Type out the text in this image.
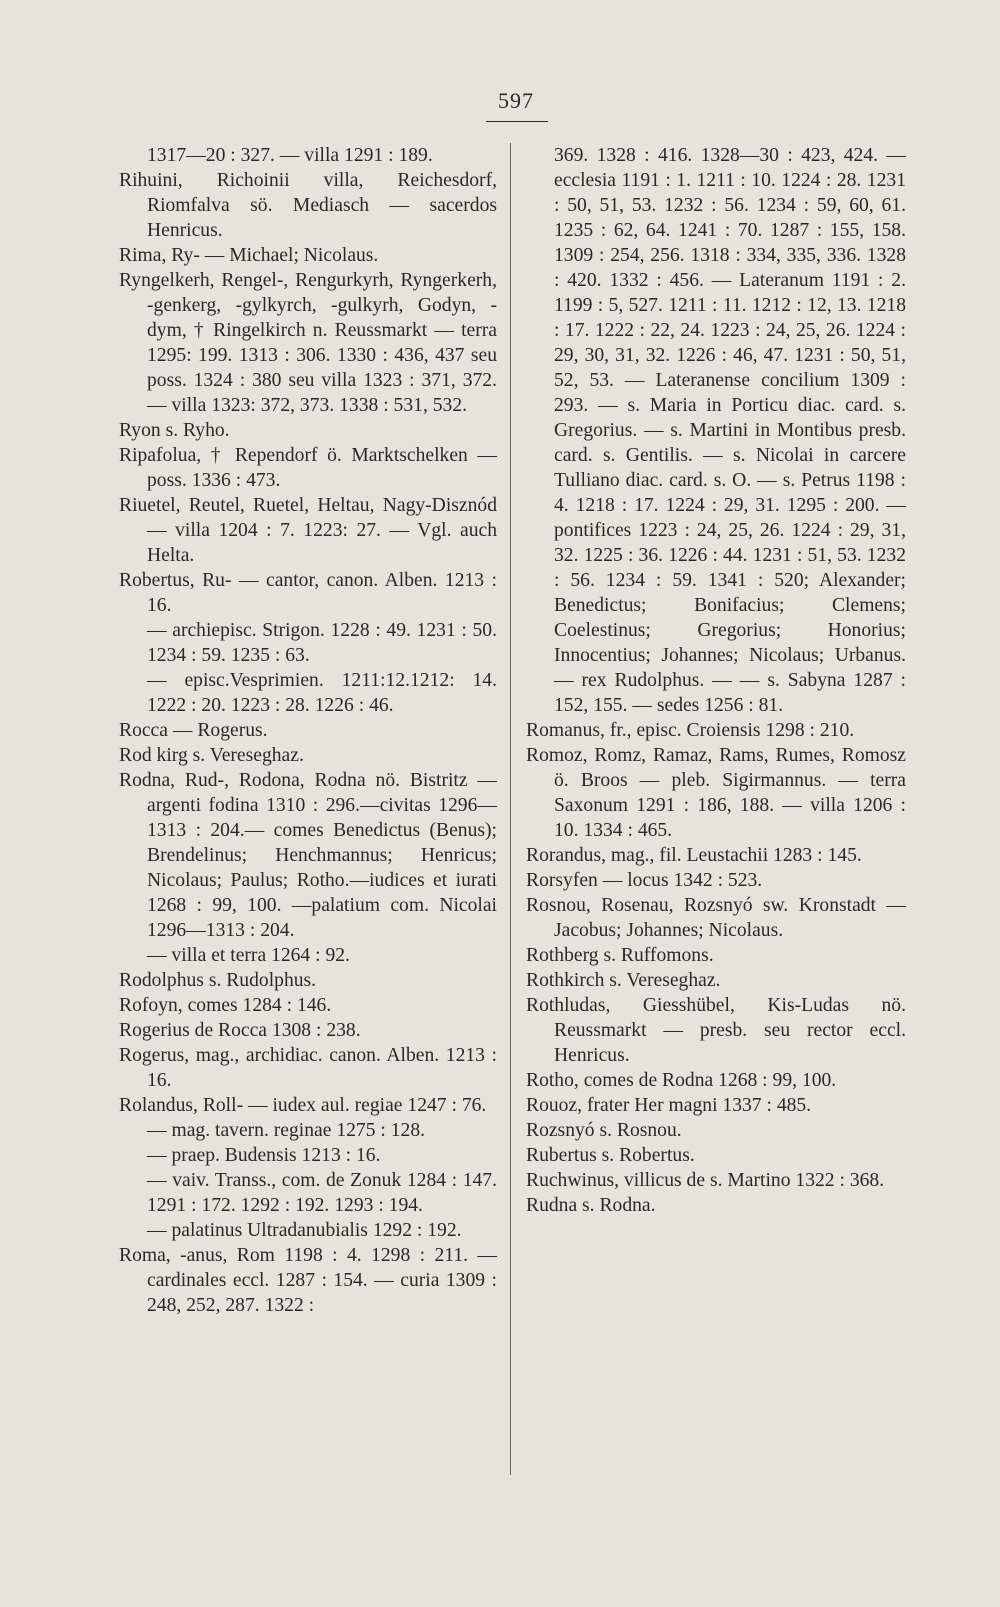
597
1317—20 : 327. — villa 1291 : 189.
Rihuini, Richoinii villa, Reichesdorf, Riomfalva sö. Mediasch — sacerdos Henricus.
Rima, Ry- — Michael; Nicolaus.
Ryngelkerh, Rengel-, Rengurkyrh, Ryngerkerh, -genkerg, -gylkyrch, -gulkyrh, Godyn, -dym, † Ringelkirch n. Reussmarkt — terra 1295: 199. 1313 : 306. 1330 : 436, 437 seu poss. 1324 : 380 seu villa 1323 : 371, 372. — villa 1323: 372, 373. 1338 : 531, 532.
Ryon s. Ryho.
Ripafolua, † Rependorf ö. Marktschelken — poss. 1336 : 473.
Riuetel, Reutel, Ruetel, Heltau, Nagy-Disznód — villa 1204 : 7. 1223: 27. — Vgl. auch Helta.
Robertus, Ru- — cantor, canon. Alben. 1213 : 16.
— archiepisc. Strigon. 1228 : 49. 1231 : 50. 1234 : 59. 1235 : 63.
— episc.Vesprimien. 1211:12.1212: 14. 1222 : 20. 1223 : 28. 1226 : 46.
Rocca — Rogerus.
Rod kirg s. Vereseghaz.
Rodna, Rud-, Rodona, Rodna nö. Bistritz — argenti fodina 1310 : 296.—civitas 1296—1313 : 204.— comes Benedictus (Benus); Brendelinus; Henchmannus; Henricus; Nicolaus; Paulus; Rotho.—iudices et iurati 1268 : 99, 100. —palatium com. Nicolai 1296—1313 : 204.
— villa et terra 1264 : 92.
Rodolphus s. Rudolphus.
Rofoyn, comes 1284 : 146.
Rogerius de Rocca 1308 : 238.
Rogerus, mag., archidiac. canon. Alben. 1213 : 16.
Rolandus, Roll- — iudex aul. regiae 1247 : 76.
— mag. tavern. reginae 1275 : 128.
— praep. Budensis 1213 : 16.
— vaiv. Transs., com. de Zonuk 1284 : 147. 1291 : 172. 1292 : 192. 1293 : 194.
— palatinus Ultradanubialis 1292 : 192.
Roma, -anus, Rom 1198 : 4. 1298 : 211. — cardinales eccl. 1287 : 154. — curia 1309 : 248, 252, 287. 1322 :
369. 1328 : 416. 1328—30 : 423, 424. — ecclesia 1191 : 1. 1211 : 10. 1224 : 28. 1231 : 50, 51, 53. 1232 : 56. 1234 : 59, 60, 61. 1235 : 62, 64. 1241 : 70. 1287 : 155, 158. 1309 : 254, 256. 1318 : 334, 335, 336. 1328 : 420. 1332 : 456. — Lateranum 1191 : 2. 1199 : 5, 527. 1211 : 11. 1212 : 12, 13. 1218 : 17. 1222 : 22, 24. 1223 : 24, 25, 26. 1224 : 29, 30, 31, 32. 1226 : 46, 47. 1231 : 50, 51, 52, 53. — Lateranense concilium 1309 : 293. — s. Maria in Porticu diac. card. s. Gregorius. — s. Martini in Montibus presb. card. s. Gentilis. — s. Nicolai in carcere Tulliano diac. card. s. O. — s. Petrus 1198 : 4. 1218 : 17. 1224 : 29, 31. 1295 : 200. — pontifices 1223 : 24, 25, 26. 1224 : 29, 31, 32. 1225 : 36. 1226 : 44. 1231 : 51, 53. 1232 : 56. 1234 : 59. 1341 : 520; Alexander; Benedictus; Bonifacius; Clemens; Coelestinus; Gregorius; Honorius; Innocentius; Johannes; Nicolaus; Urbanus. — rex Rudolphus. — — s. Sabyna 1287 : 152, 155. — sedes 1256 : 81.
Romanus, fr., episc. Croiensis 1298 : 210.
Romoz, Romz, Ramaz, Rams, Rumes, Romosz ö. Broos — pleb. Sigirmannus. — terra Saxonum 1291 : 186, 188. — villa 1206 : 10. 1334 : 465.
Rorandus, mag., fil. Leustachii 1283 : 145.
Rorsyfen — locus 1342 : 523.
Rosnou, Rosenau, Rozsnyó sw. Kronstadt — Jacobus; Johannes; Nicolaus.
Rothberg s. Ruffomons.
Rothkirch s. Vereseghaz.
Rothludas, Giesshübel, Kis-Ludas nö. Reussmarkt — presb. seu rector eccl. Henricus.
Rotho, comes de Rodna 1268 : 99, 100.
Rouoz, frater Her magni 1337 : 485.
Rozsnyó s. Rosnou.
Rubertus s. Robertus.
Ruchwinus, villicus de s. Martino 1322 : 368.
Rudna s. Rodna.
